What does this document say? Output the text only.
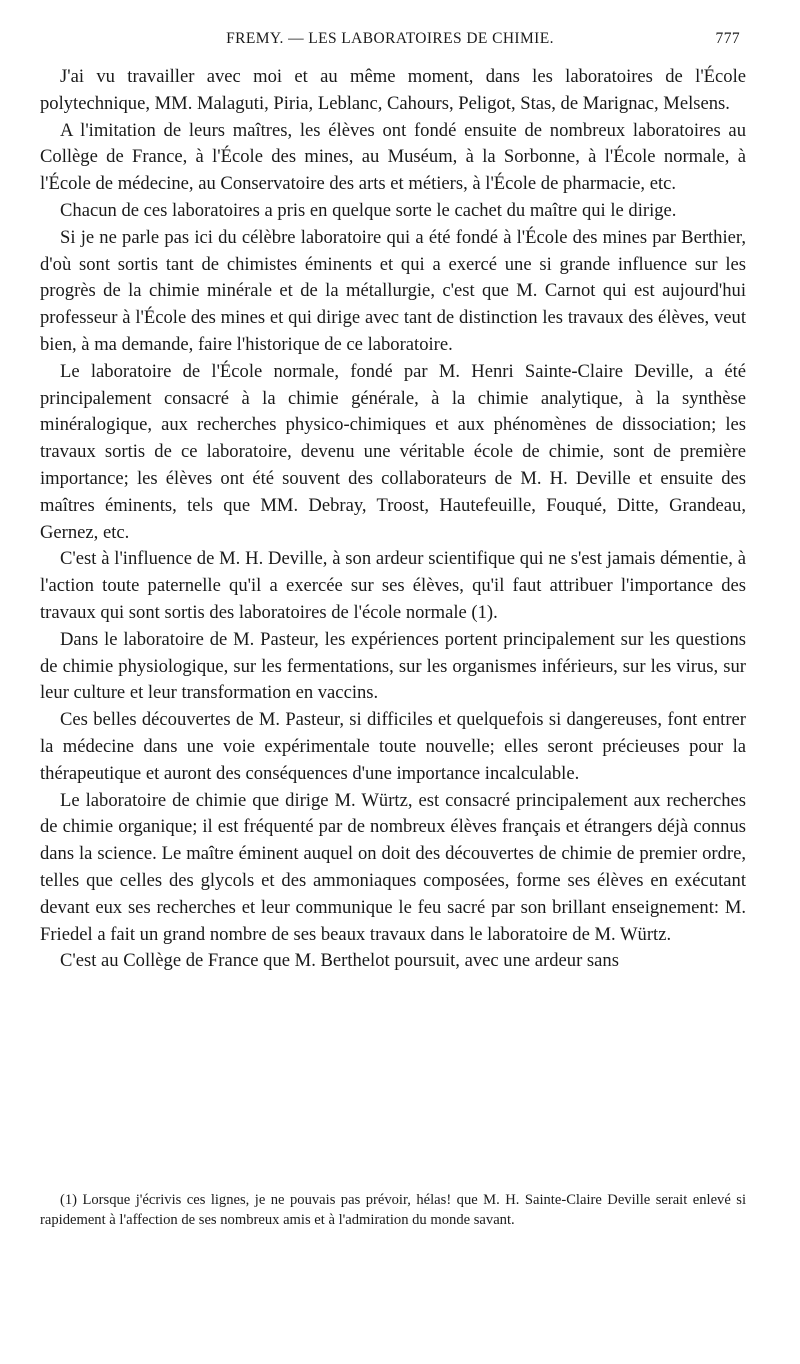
FREMY. — LES LABORATOIRES DE CHIMIE.	777

J'ai vu travailler avec moi et au même moment, dans les laboratoires de l'École polytechnique, MM. Malaguti, Piria, Leblanc, Cahours, Peligot, Stas, de Marignac, Melsens.

A l'imitation de leurs maîtres, les élèves ont fondé ensuite de nombreux laboratoires au Collège de France, à l'École des mines, au Muséum, à la Sorbonne, à l'École normale, à l'École de médecine, au Conservatoire des arts et métiers, à l'École de pharmacie, etc.

Chacun de ces laboratoires a pris en quelque sorte le cachet du maître qui le dirige.

Si je ne parle pas ici du célèbre laboratoire qui a été fondé à l'École des mines par Berthier, d'où sont sortis tant de chimistes éminents et qui a exercé une si grande influence sur les progrès de la chimie minérale et de la métallurgie, c'est que M. Carnot qui est aujourd'hui professeur à l'École des mines et qui dirige avec tant de distinction les travaux des élèves, veut bien, à ma demande, faire l'historique de ce laboratoire.

Le laboratoire de l'École normale, fondé par M. Henri Sainte-Claire Deville, a été principalement consacré à la chimie générale, à la chimie analytique, à la synthèse minéralogique, aux recherches physico-chimiques et aux phénomènes de dissociation; les travaux sortis de ce laboratoire, devenu une véritable école de chimie, sont de première importance; les élèves ont été souvent des collaborateurs de M. H. Deville et ensuite des maîtres éminents, tels que MM. Debray, Troost, Hautefeuille, Fouqué, Ditte, Grandeau, Gernez, etc.

C'est à l'influence de M. H. Deville, à son ardeur scientifique qui ne s'est jamais démentie, à l'action toute paternelle qu'il a exercée sur ses élèves, qu'il faut attribuer l'importance des travaux qui sont sortis des laboratoires de l'école normale (1).

Dans le laboratoire de M. Pasteur, les expériences portent principalement sur les questions de chimie physiologique, sur les fermentations, sur les organismes inférieurs, sur les virus, sur leur culture et leur transformation en vaccins.

Ces belles découvertes de M. Pasteur, si difficiles et quelquefois si dangereuses, font entrer la médecine dans une voie expérimentale toute nouvelle; elles seront précieuses pour la thérapeutique et auront des conséquences d'une importance incalculable.

Le laboratoire de chimie que dirige M. Würtz, est consacré principalement aux recherches de chimie organique; il est fréquenté par de nombreux élèves français et étrangers déjà connus dans la science. Le maître éminent auquel on doit des découvertes de chimie de premier ordre, telles que celles des glycols et des ammoniaques composées, forme ses élèves en exécutant devant eux ses recherches et leur communique le feu sacré par son brillant enseignement: M. Friedel a fait un grand nombre de ses beaux travaux dans le laboratoire de M. Würtz.

C'est au Collège de France que M. Berthelot poursuit, avec une ardeur sans

(1) Lorsque j'écrivis ces lignes, je ne pouvais pas prévoir, hélas! que M. H. Sainte-Claire Deville serait enlevé si rapidement à l'affection de ses nombreux amis et à l'admiration du monde savant.
